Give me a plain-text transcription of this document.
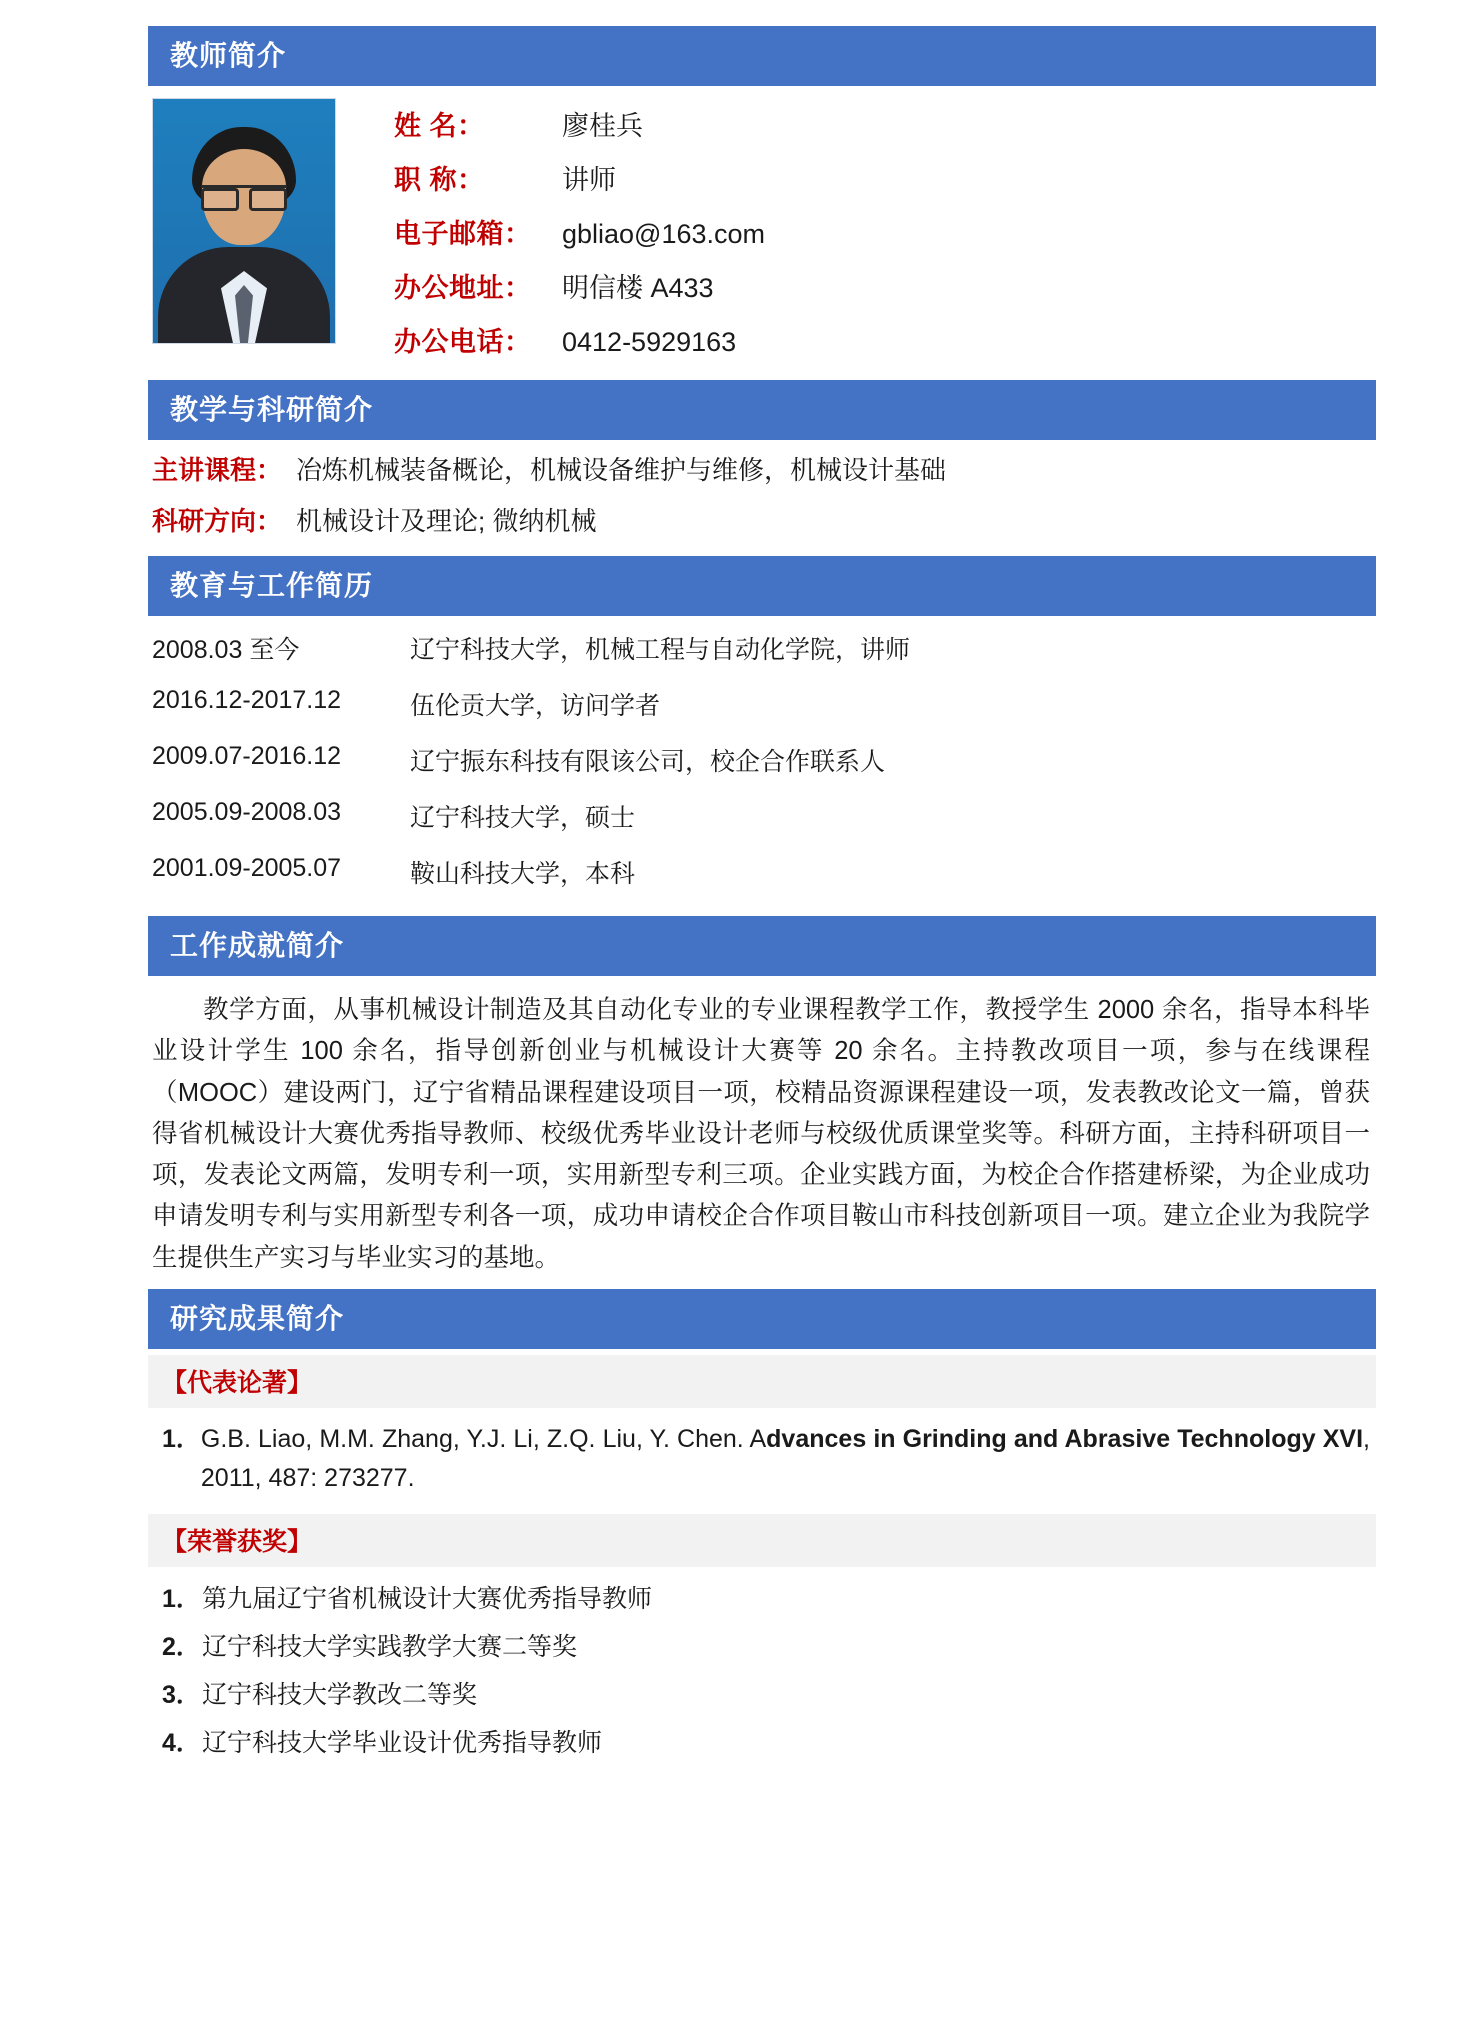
教师简介
姓 名：	廖桂兵
职 称：	讲师
电子邮箱：	gbliao@163.com
办公地址：	明信楼 A433
办公电话：	0412-5929163
教学与科研简介
主讲课程： 冶炼机械装备概论，机械设备维护与维修，机械设计基础
科研方向： 机械设计及理论; 微纳机械
教育与工作简历
2008.03 至今	辽宁科技大学，机械工程与自动化学院，讲师
2016.12-2017.12	伍伦贡大学，访问学者
2009.07-2016.12	辽宁振东科技有限该公司，校企合作联系人
2005.09-2008.03	辽宁科技大学，硕士
2001.09-2005.07	鞍山科技大学，本科
工作成就简介
教学方面，从事机械设计制造及其自动化专业的专业课程教学工作，教授学生 2000 余名，指导本科毕业设计学生 100 余名，指导创新创业与机械设计大赛等 20 余名。主持教改项目一项，参与在线课程（MOOC）建设两门，辽宁省精品课程建设项目一项，校精品资源课程建设一项，发表教改论文一篇，曾获得省机械设计大赛优秀指导教师、校级优秀毕业设计老师与校级优质课堂奖等。科研方面，主持科研项目一项，发表论文两篇，发明专利一项，实用新型专利三项。企业实践方面，为校企合作搭建桥梁，为企业成功申请发明专利与实用新型专利各一项，成功申请校企合作项目鞍山市科技创新项目一项。建立企业为我院学生提供生产实习与毕业实习的基地。
研究成果简介
【代表论著】
1． G.B. Liao, M.M. Zhang, Y.J. Li, Z.Q. Liu, Y. Chen. Advances in Grinding and Abrasive Technology XVI, 2011, 487: 273277.
【荣誉获奖】
1． 第九届辽宁省机械设计大赛优秀指导教师
2． 辽宁科技大学实践教学大赛二等奖
3． 辽宁科技大学教改二等奖
4． 辽宁科技大学毕业设计优秀指导教师
